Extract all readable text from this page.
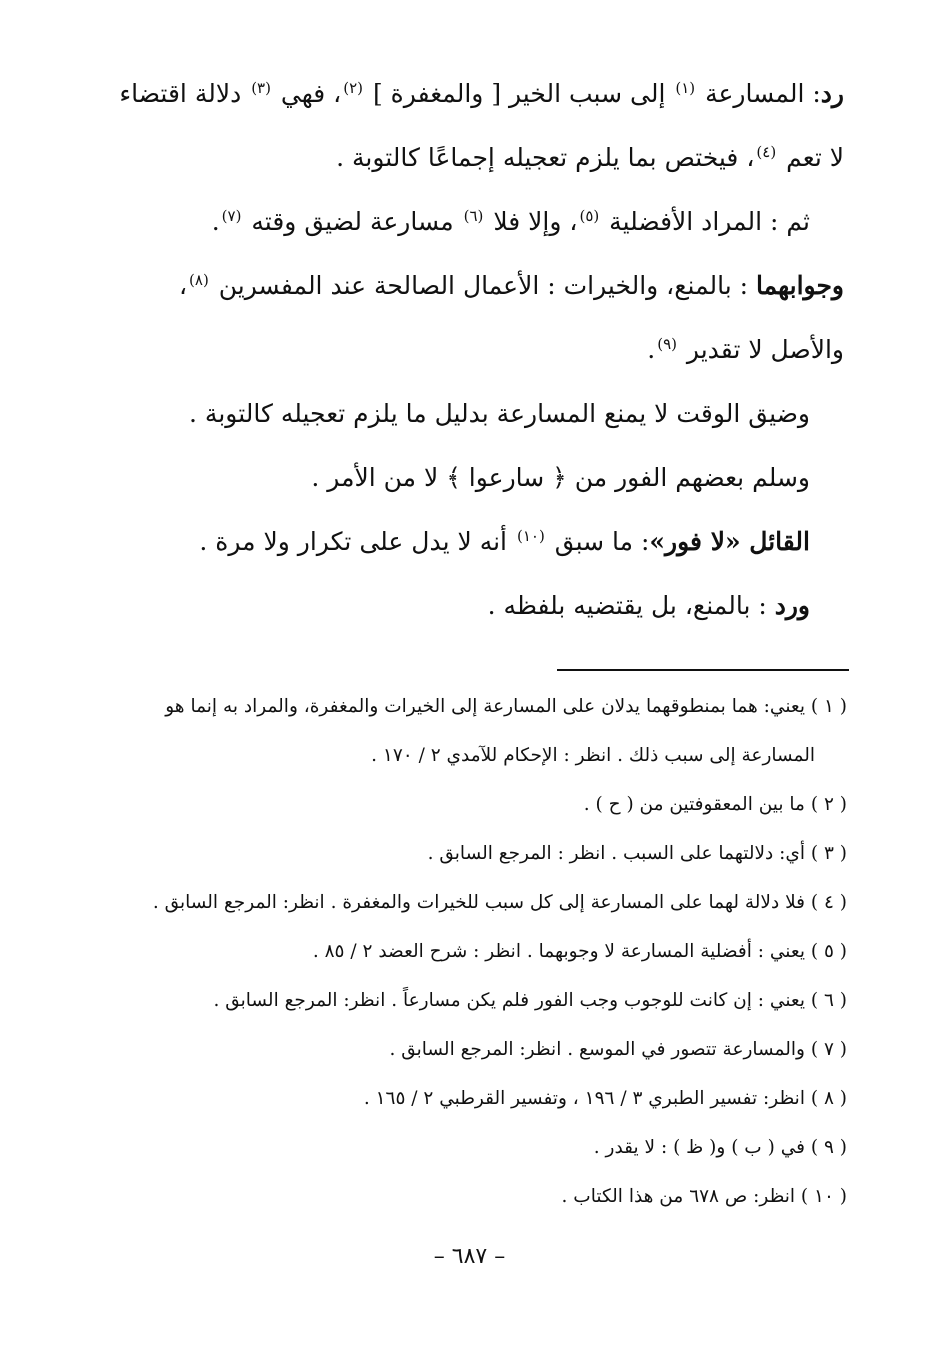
رد: المسارعة $^{(١)}$ إلى سبب الخير [ والمغفرة ] $^{(٢)}$، فهي $^{(٣)}$ دلالة اقتضاء
لا تعم $^{(٤)}$، فيختص بما يلزم تعجيله إجماعًا كالتوبة .

ثم : المراد الأفضلية $^{(٥)}$، وإلا فلا $^{(٦)}$ مسارعة لضيق وقته $^{(٧)}$.

وجوابهما : بالمنع، والخيرات : الأعمال الصالحة عند المفسرين $^{(٨)}$،
والأصل لا تقدير $^{(٩)}$.

وضيق الوقت لا يمنع المسارعة بدليل ما يلزم تعجيله كالتوبة .

وسلم بعضهم الفور من ﴿ سارعوا ﴾ لا من الأمر .

القائل «لا فور»: ما سبق $^{(١٠)}$ أنه لا يدل على تكرار ولا مرة .

ورد : بالمنع، بل يقتضيه بلفظه .

( ١ ) يعني: هما بمنطوقهما يدلان على المسارعة إلى الخيرات والمغفرة، والمراد به إنما هو
المسارعة إلى سبب ذلك . انظر : الإحكام للآمدي ٢ / ١٧٠ .
( ٢ ) ما بين المعقوفتين من ( ح ) .
( ٣ ) أي: دلالتهما على السبب . انظر : المرجع السابق .
( ٤ ) فلا دلالة لهما على المسارعة إلى كل سبب للخيرات والمغفرة . انظر: المرجع السابق .
( ٥ ) يعني : أفضلية المسارعة لا وجوبهما . انظر : شرح العضد ٢ / ٨٥ .
( ٦ ) يعني : إن كانت للوجوب وجب الفور فلم يكن مسارعاً . انظر: المرجع السابق .
( ٧ ) والمسارعة تتصور في الموسع . انظر: المرجع السابق .
( ٨ ) انظر: تفسير الطبري ٣ / ١٩٦ ، وتفسير القرطبي ٢ / ١٦٥ .
( ٩ ) في ( ب ) و( ظ ) : لا يقدر .
( ١٠ ) انظر: ص ٦٧٨ من هذا الكتاب .
– ٦٨٧ –
